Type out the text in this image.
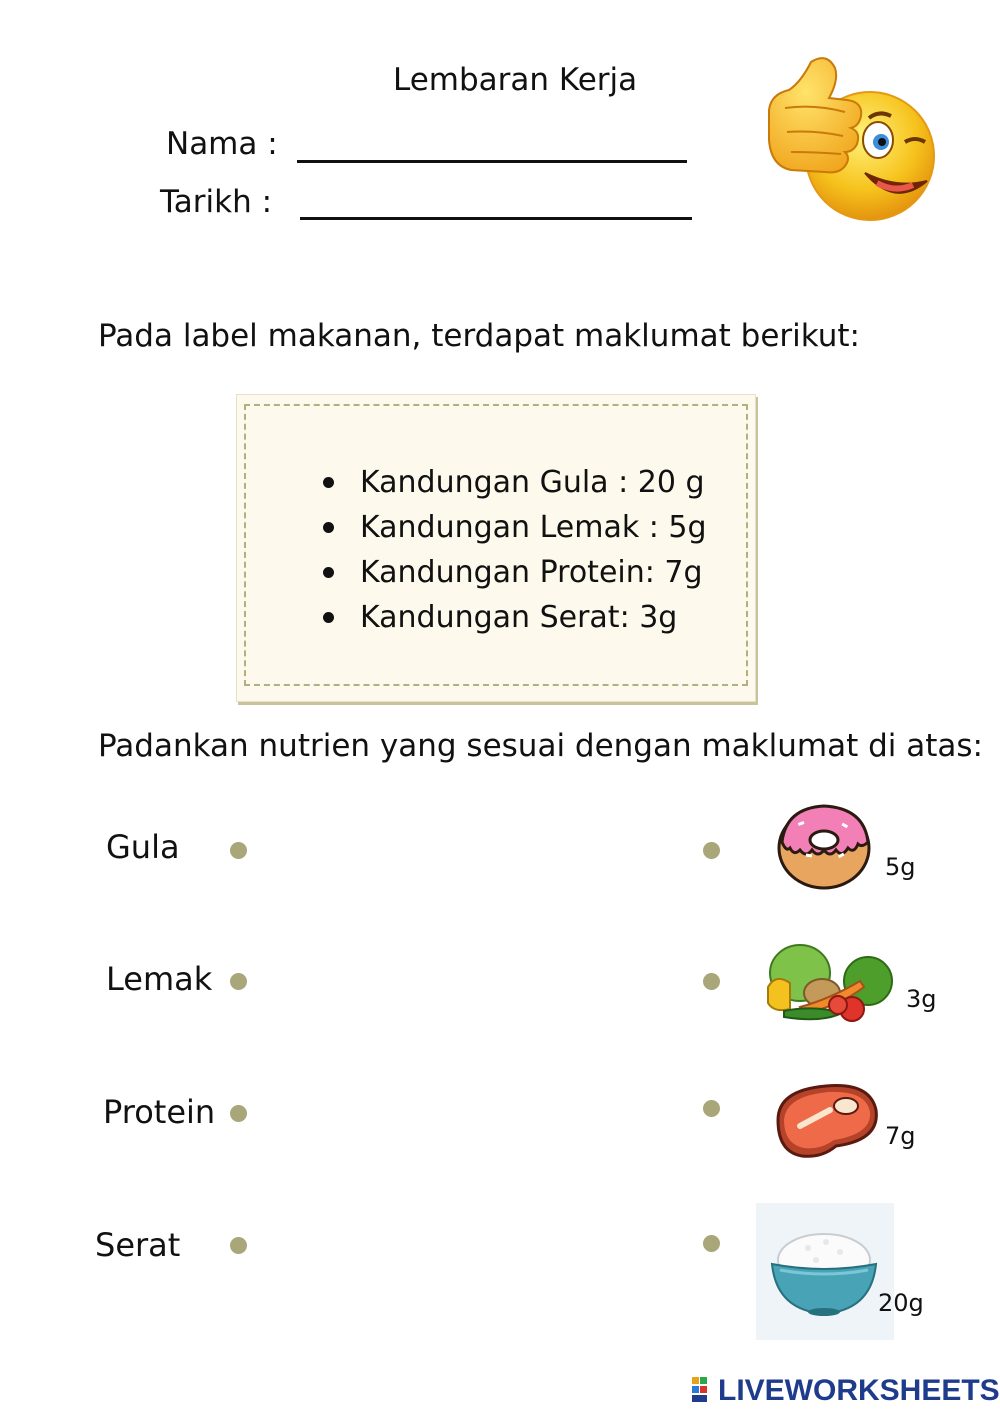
Lembaran Kerja
Nama :
Tarikh :
Pada label makanan, terdapat maklumat berikut:
Kandungan Gula : 20 g
Kandungan Lemak : 5g
Kandungan Protein: 7g
Kandungan Serat: 3g
Padankan nutrien yang sesuai dengan maklumat di atas:
Gula
Lemak
Protein
Serat
5g
3g
7g
20g
LIVEWORKSHEETS
